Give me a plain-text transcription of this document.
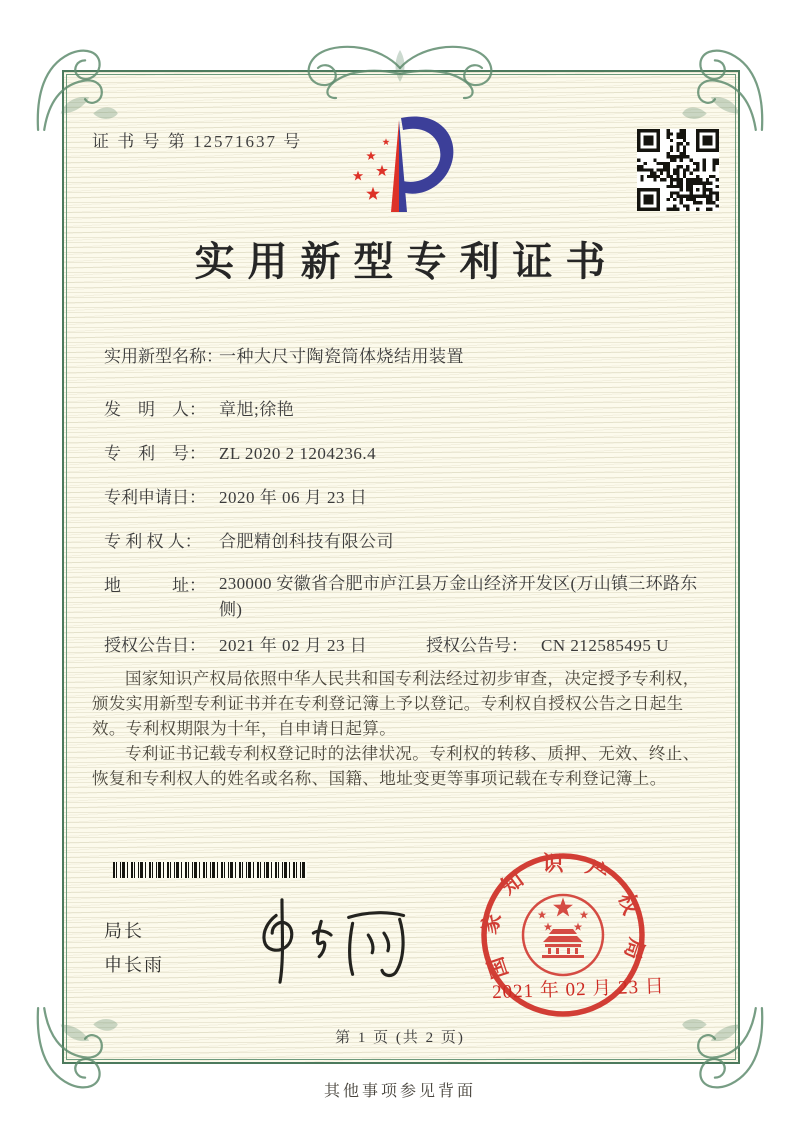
证 书 号 第 12571637 号
实用新型专利证书
实用新型名称：一种大尺寸陶瓷筒体烧结用装置
发　明　人： 章旭;徐艳
专　利　号： ZL 2020 2 1204236.4
专利申请日： 2020 年 06 月 23 日
专 利 权 人： 合肥精创科技有限公司
地　　　址： 230000 安徽省合肥市庐江县万金山经济开发区(万山镇三环路东侧)
授权公告日： 2021 年 02 月 23 日	授权公告号： CN 212585495 U

国家知识产权局依照中华人民共和国专利法经过初步审查，决定授予专利权，颁发实用新型专利证书并在专利登记簿上予以登记。专利权自授权公告之日起生效。专利权期限为十年，自申请日起算。

专利证书记载专利权登记时的法律状况。专利权的转移、质押、无效、终止、恢复和专利权人的姓名或名称、国籍、地址变更等事项记载在专利登记簿上。

局长
申长雨	国家知识产权局
2021 年 02 月 23 日
第 1 页 (共 2 页)
其他事项参见背面
